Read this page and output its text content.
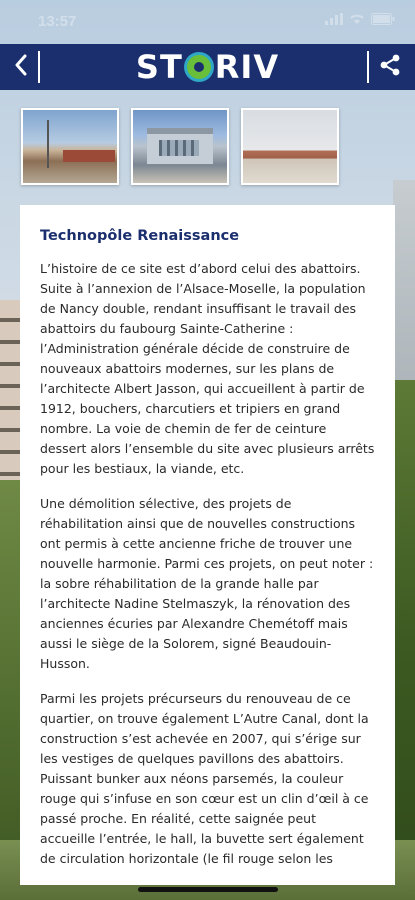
13:57
ST RIV
Technopôle Renaissance

L’histoire de ce site est d’abord celui des abattoirs. Suite à l’annexion de l’Alsace-Moselle, la population de Nancy double, rendant insuffisant le travail des abattoirs du faubourg Sainte-Catherine : l’Administration générale décide de construire de nouveaux abattoirs modernes, sur les plans de l’architecte Albert Jasson, qui accueillent à partir de 1912, bouchers, charcutiers et tripiers en grand nombre. La voie de chemin de fer de ceinture dessert alors l’ensemble du site avec plusieurs arrêts pour les bestiaux, la viande, etc.

Une démolition sélective, des projets de réhabilitation ainsi que de nouvelles constructions ont permis à cette ancienne friche de trouver une nouvelle harmonie. Parmi ces projets, on peut noter : la sobre réhabilitation de la grande halle par l’architecte Nadine Stelmaszyk, la rénovation des anciennes écuries par Alexandre Chemétoff mais aussi le siège de la Solorem, signé Beaudouin-Husson.

Parmi les projets précurseurs du renouveau de ce quartier, on trouve également L’Autre Canal, dont la construction s’est achevée en 2007, qui s’érige sur les vestiges de quelques pavillons des abattoirs. Puissant bunker aux néons parsemés, la couleur rouge qui s’infuse en son cœur est un clin d’œil à ce passé proche. En réalité, cette saignée peut accueille l’entrée, le hall, la buvette sert également de circulation horizontale (le fil rouge selon les
